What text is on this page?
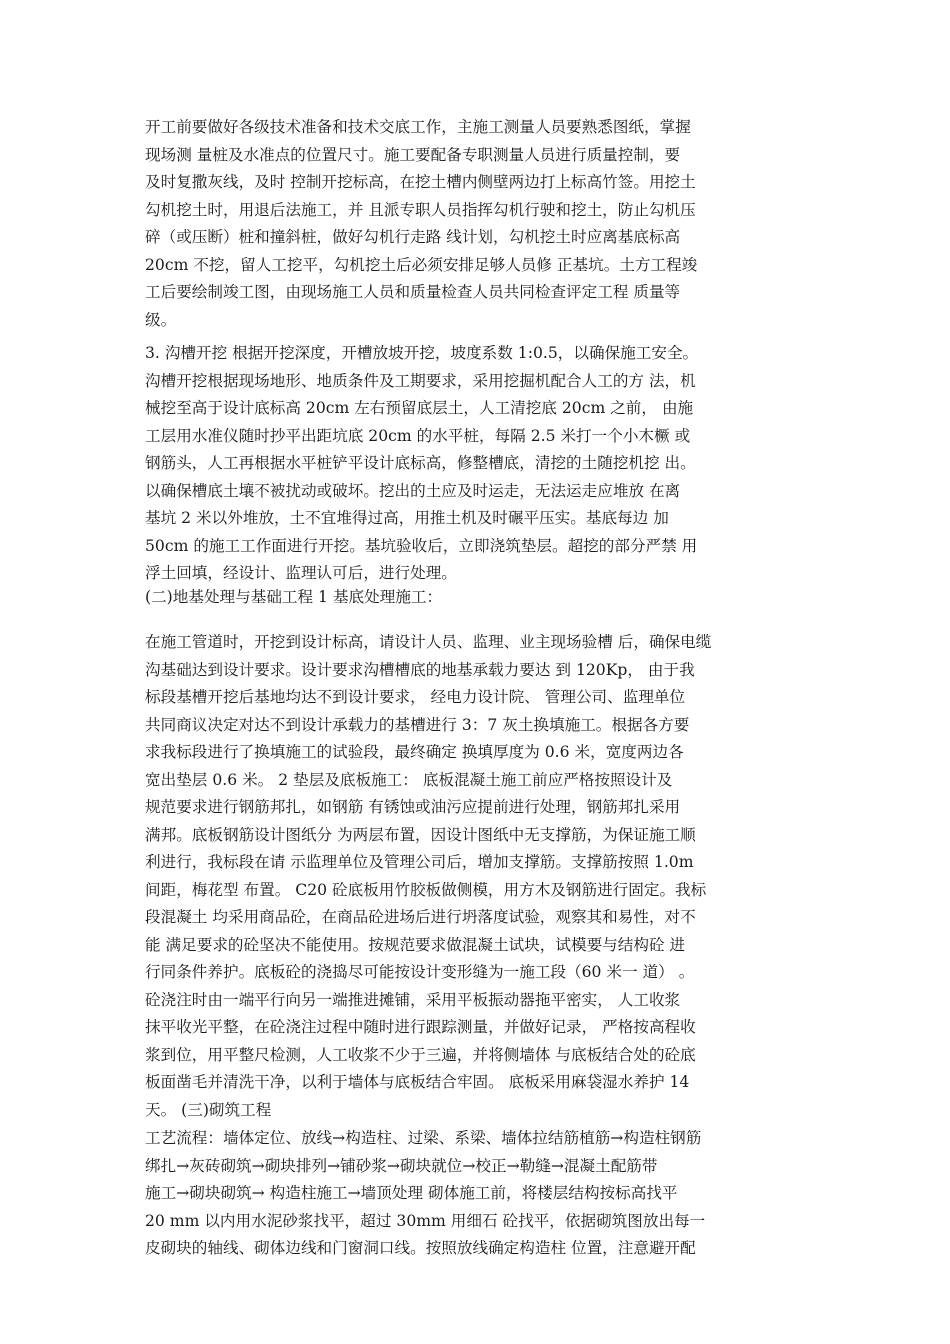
开工前要做好各级技术准备和技术交底工作，主施工测量人员要熟悉图纸，掌握
现场测 量桩及水准点的位置尺寸。施工要配备专职测量人员进行质量控制，要
及时复撒灰线，及时 控制开挖标高，在挖土槽内侧壁两边打上标高竹签。用挖土
勾机挖土时，用退后法施工，并 且派专职人员指挥勾机行驶和挖土，防止勾机压
碎（或压断）桩和撞斜桩，做好勾机行走路 线计划，勾机挖土时应离基底标高
20cm 不挖，留人工挖平，勾机挖土后必须安排足够人员修 正基坑。土方工程竣
工后要绘制竣工图，由现场施工人员和质量检查人员共同检查评定工程 质量等
级。
3. 沟槽开挖 根据开挖深度，开槽放坡开挖，坡度系数 1:0.5，以确保施工安全。
沟槽开挖根据现场地形、地质条件及工期要求，采用挖掘机配合人工的方 法，机
械挖至高于设计底标高 20cm 左右预留底层土，人工清挖底 20cm 之前， 由施
工层用水准仪随时抄平出距坑底 20cm 的水平桩，每隔 2.5 米打一个小木橛 或
钢筋头，人工再根据水平桩铲平设计底标高，修整槽底，清挖的土随挖机挖 出。
以确保槽底土壤不被扰动或破坏。挖出的土应及时运走，无法运走应堆放 在离
基坑 2 米以外堆放，土不宜堆得过高，用推土机及时碾平压实。基底每边 加
50cm 的施工工作面进行开挖。基坑验收后，立即浇筑垫层。超挖的部分严禁 用
浮土回填，经设计、监理认可后，进行处理。
(二)地基处理与基础工程 1 基底处理施工：
在施工管道时，开挖到设计标高，请设计人员、监理、业主现场验槽 后，确保电缆
沟基础达到设计要求。设计要求沟槽槽底的地基承载力要达 到 120Kp， 由于我
标段基槽开挖后基地均达不到设计要求， 经电力设计院、 管理公司、监理单位
共同商议决定对达不到设计承载力的基槽进行 3：7 灰土换填施工。根据各方要
求我标段进行了换填施工的试验段，最终确定 换填厚度为 0.6 米，宽度两边各
宽出垫层 0.6 米。 2 垫层及底板施工： 底板混凝土施工前应严格按照设计及
规范要求进行钢筋邦扎，如钢筋 有锈蚀或油污应提前进行处理，钢筋邦扎采用
满邦。底板钢筋设计图纸分 为两层布置，因设计图纸中无支撑筋，为保证施工顺
利进行，我标段在请 示监理单位及管理公司后，增加支撑筋。支撑筋按照 1.0m
间距，梅花型 布置。 C20 砼底板用竹胶板做侧模，用方木及钢筋进行固定。我标
段混凝土 均采用商品砼，在商品砼进场后进行坍落度试验，观察其和易性，对不
能 满足要求的砼坚决不能使用。按规范要求做混凝土试块，试模要与结构砼 进
行同条件养护。底板砼的浇捣尽可能按设计变形缝为一施工段（60 米一 道） 。
砼浇注时由一端平行向另一端推进摊铺，采用平板振动器拖平密实， 人工收浆
抹平收光平整，在砼浇注过程中随时进行跟踪测量，并做好记录， 严格按高程收
浆到位，用平整尺检测，人工收浆不少于三遍，并将侧墙体 与底板结合处的砼底
板面凿毛并清洗干净，以利于墙体与底板结合牢固。 底板采用麻袋湿水养护 14
天。 (三)砌筑工程
工艺流程：墙体定位、放线→构造柱、过梁、系梁、墙体拉结筋植筋→构造柱钢筋
绑扎→灰砖砌筑→砌块排列→铺砂浆→砌块就位→校正→勒缝→混凝土配筋带
施工→砌块砌筑→ 构造柱施工→墙顶处理 砌体施工前，将楼层结构按标高找平
20 mm 以内用水泥砂浆找平，超过 30mm 用细石 砼找平，依据砌筑图放出每一
皮砌块的轴线、砌体边线和门窗洞口线。按照放线确定构造柱 位置，注意避开配
